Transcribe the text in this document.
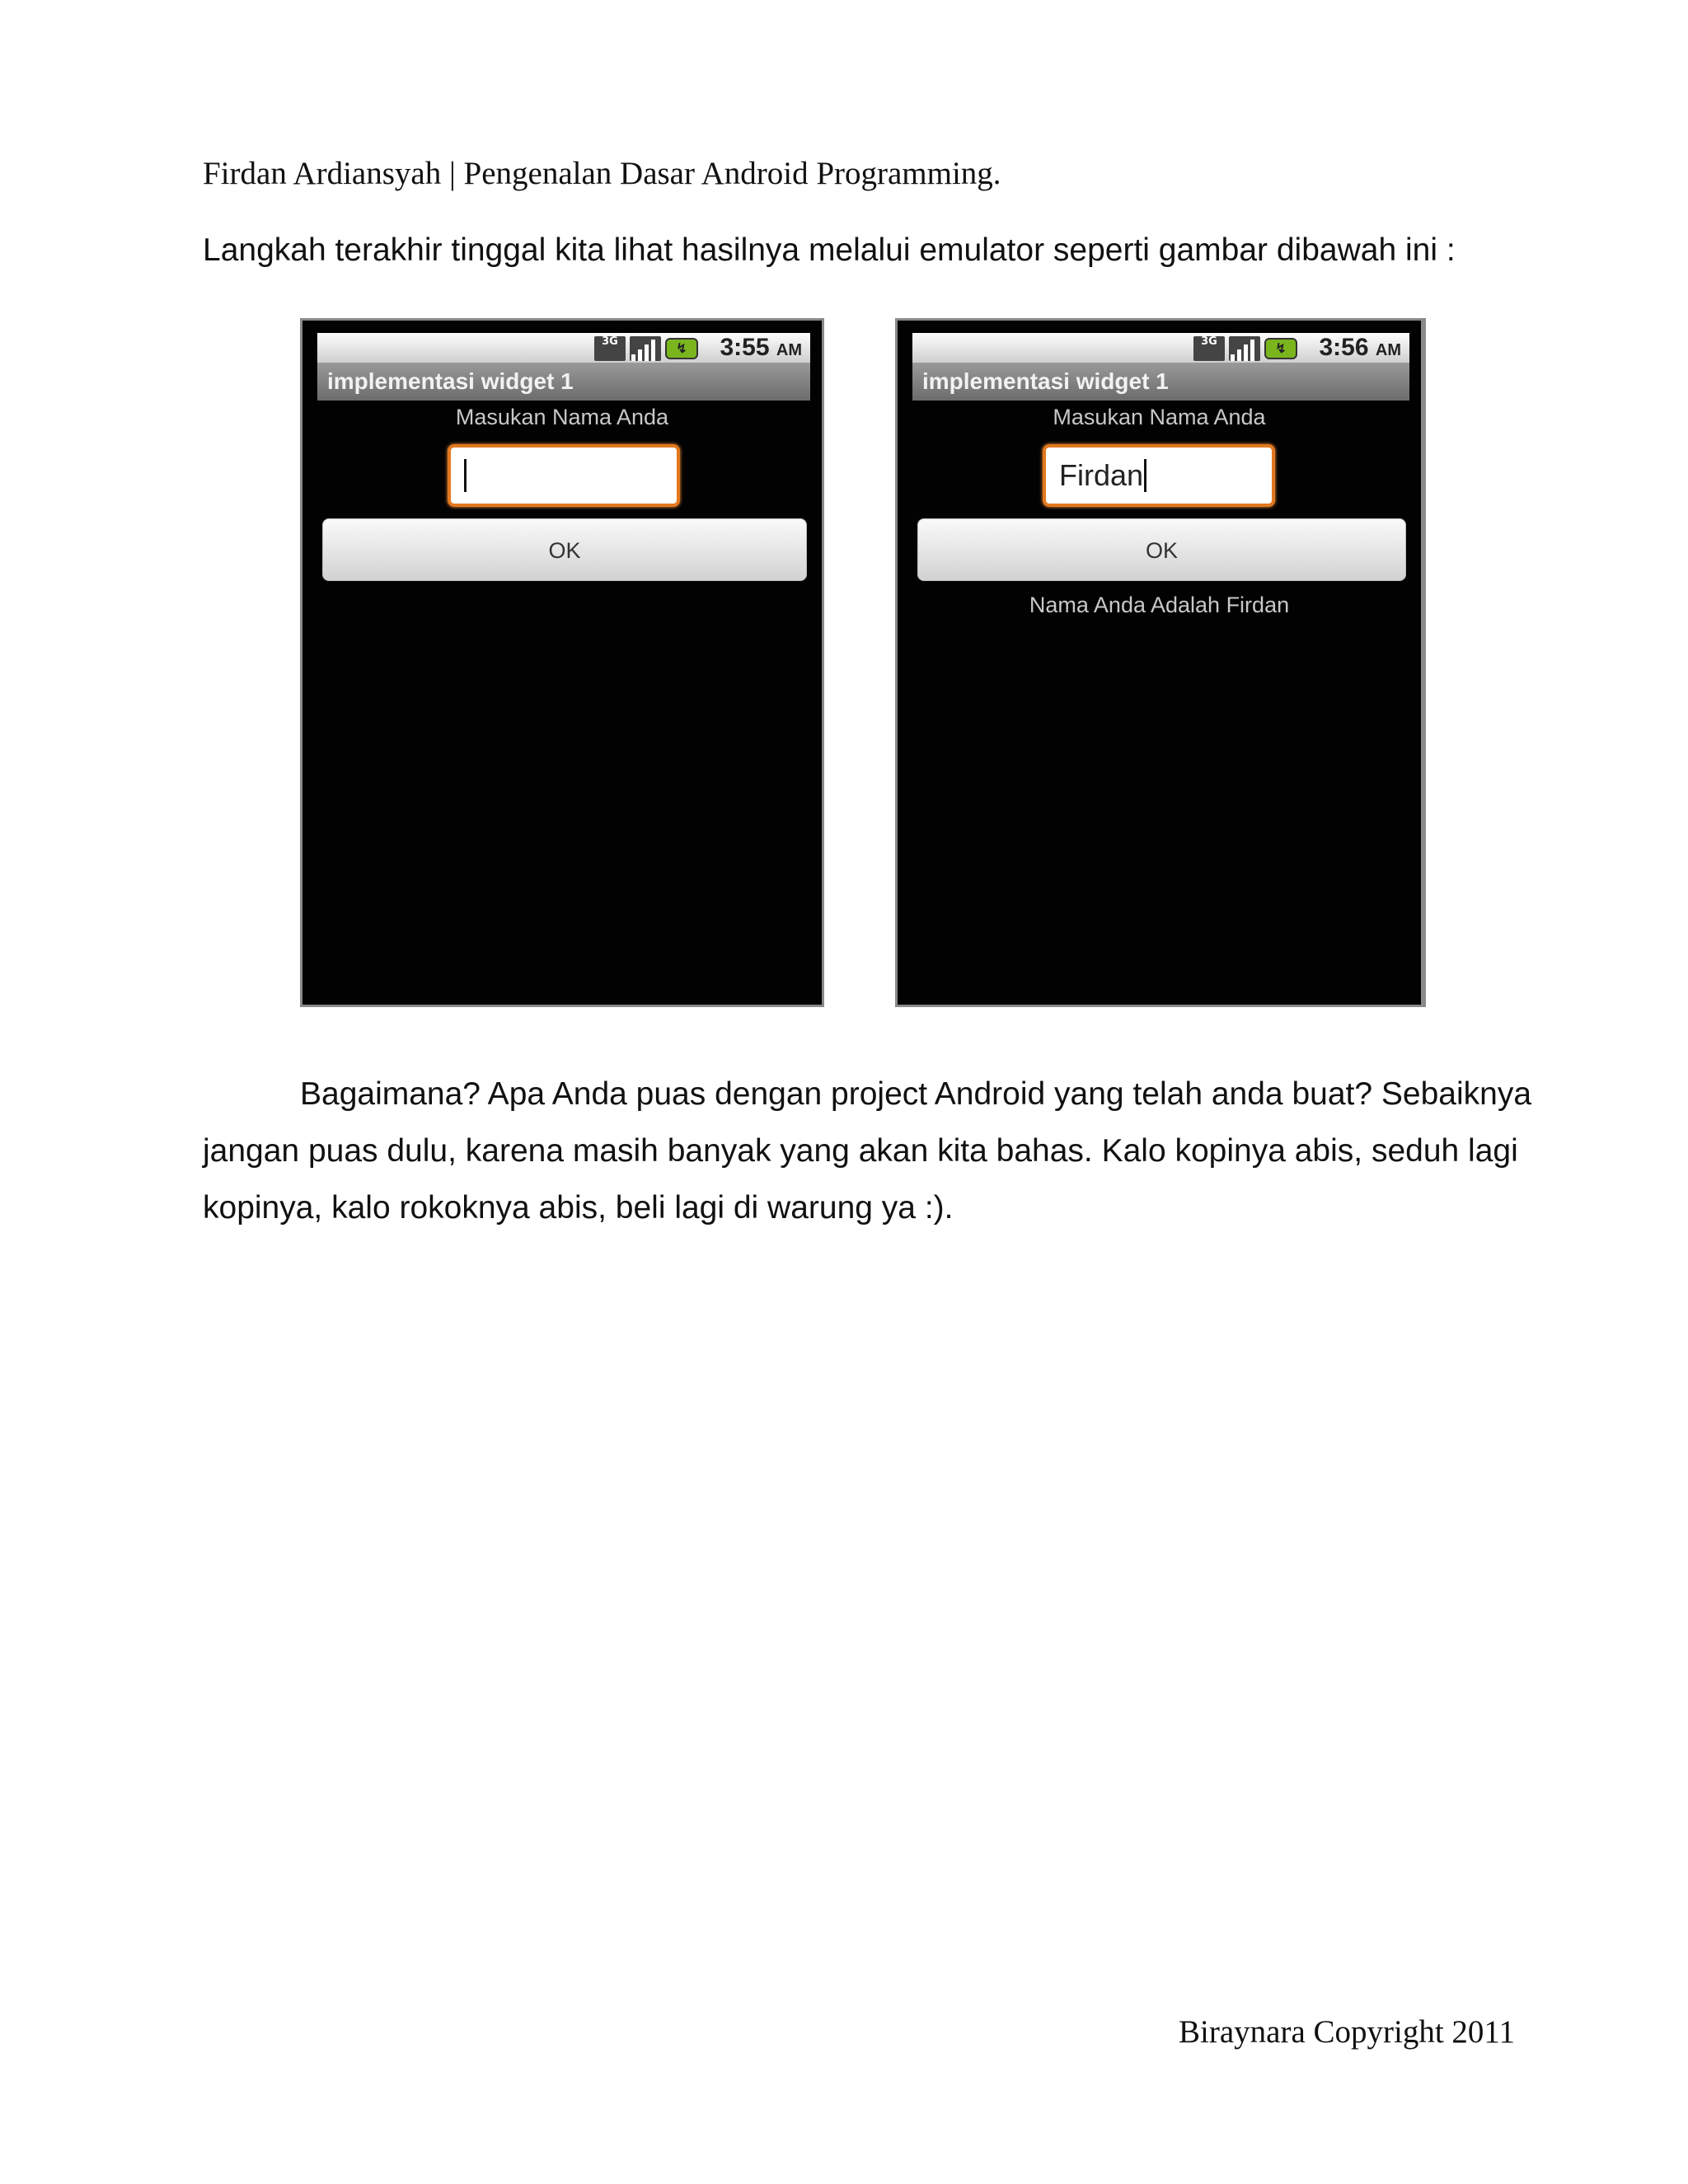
Firdan Ardiansyah | Pengenalan Dasar Android Programming.
Langkah terakhir tinggal kita lihat hasilnya melalui emulator seperti gambar dibawah ini :
3G
↯	3:55 AM
implementasi widget 1
Masukan Nama Anda
OK
3G
↯	3:56 AM
implementasi widget 1
Masukan Nama Anda
Firdan
OK
Nama Anda Adalah Firdan
Bagaimana? Apa Anda puas dengan project Android yang telah anda buat? Sebaiknya jangan puas dulu, karena masih banyak yang akan kita bahas. Kalo kopinya abis, seduh lagi kopinya, kalo rokoknya abis, beli lagi di warung ya :).
Biraynara Copyright 2011
